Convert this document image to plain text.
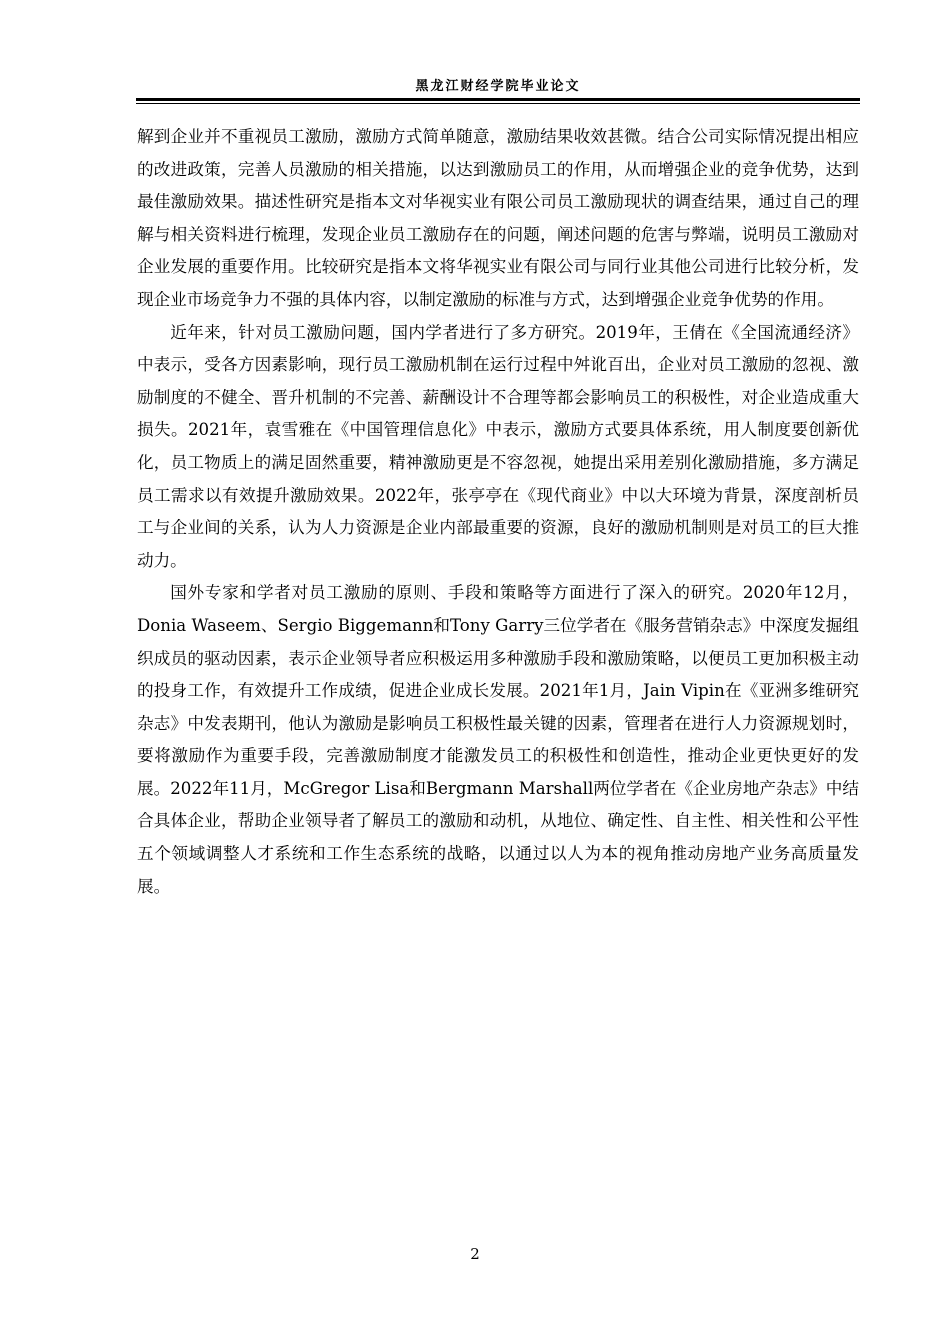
黑龙江财经学院毕业论文

解到企业并不重视员工激励，激励方式简单随意，激励结果收效甚微。结合公司实际情况提出相应的改进政策，完善人员激励的相关措施，以达到激励员工的作用，从而增强企业的竞争优势，达到最佳激励效果。描述性研究是指本文对华视实业有限公司员工激励现状的调查结果，通过自己的理解与相关资料进行梳理，发现企业员工激励存在的问题，阐述问题的危害与弊端，说明员工激励对企业发展的重要作用。比较研究是指本文将华视实业有限公司与同行业其他公司进行比较分析，发现企业市场竞争力不强的具体内容，以制定激励的标准与方式，达到增强企业竞争优势的作用。

近年来，针对员工激励问题，国内学者进行了多方研究。2019年，王倩在《全国流通经济》中表示，受各方因素影响，现行员工激励机制在运行过程中舛讹百出，企业对员工激励的忽视、激励制度的不健全、晋升机制的不完善、薪酬设计不合理等都会影响员工的积极性，对企业造成重大损失。2021年，袁雪雅在《中国管理信息化》中表示，激励方式要具体系统，用人制度要创新优化，员工物质上的满足固然重要，精神激励更是不容忽视，她提出采用差别化激励措施，多方满足员工需求以有效提升激励效果。2022年，张亭亭在《现代商业》中以大环境为背景，深度剖析员工与企业间的关系，认为人力资源是企业内部最重要的资源，良好的激励机制则是对员工的巨大推动力。

国外专家和学者对员工激励的原则、手段和策略等方面进行了深入的研究。2020年12月，Donia Waseem、Sergio Biggemann和Tony Garry三位学者在《服务营销杂志》中深度发掘组织成员的驱动因素，表示企业领导者应积极运用多种激励手段和激励策略，以便员工更加积极主动的投身工作，有效提升工作成绩，促进企业成长发展。2021年1月，Jain Vipin在《亚洲多维研究杂志》中发表期刊，他认为激励是影响员工积极性最关键的因素，管理者在进行人力资源规划时，要将激励作为重要手段，完善激励制度才能激发员工的积极性和创造性，推动企业更快更好的发展。2022年11月，McGregor Lisa和Bergmann Marshall两位学者在《企业房地产杂志》中结合具体企业，帮助企业领导者了解员工的激励和动机，从地位、确定性、自主性、相关性和公平性五个领域调整人才系统和工作生态系统的战略，以通过以人为本的视角推动房地产业务高质量发展。

2
